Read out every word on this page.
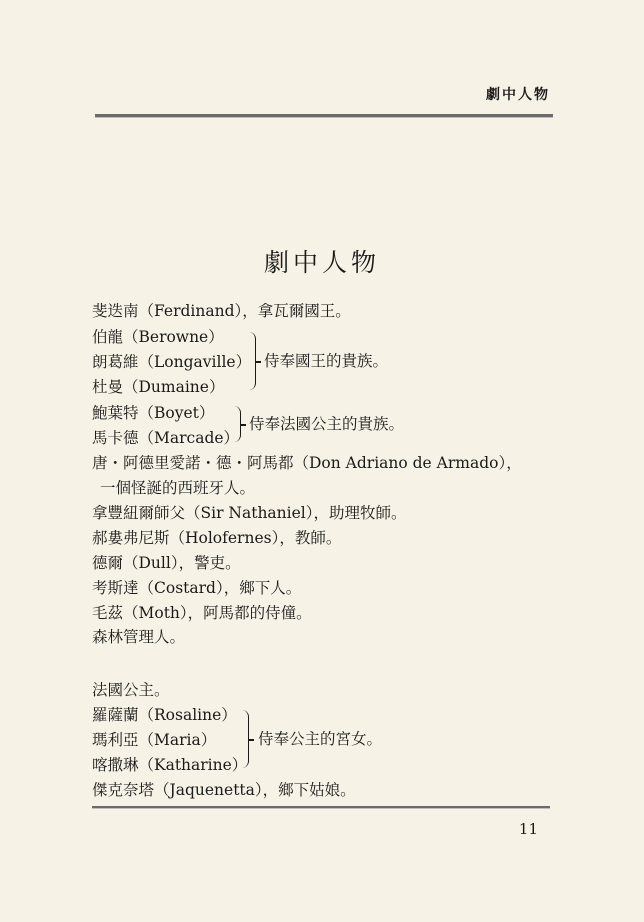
劇中人物
劇中人物
斐迭南（Ferdinand），拿瓦爾國王。
伯龍（Berowne）
朗葛維（Longaville）
杜曼（Dumaine）
侍奉國王的貴族。
鮑葉特（Boyet）
馬卡德（Marcade）
侍奉法國公主的貴族。
唐・阿德里愛諾・德・阿馬都（Don Adriano de Armado），
一個怪誕的西班牙人。
拿豐紐爾師父（Sir Nathaniel），助理牧師。
郝婁弗尼斯（Holofernes），教師。
德爾（Dull），警吏。
考斯達（Costard），鄉下人。
毛茲（Moth），阿馬都的侍僮。
森林管理人。
法國公主。
羅薩蘭（Rosaline）
瑪利亞（Maria）
喀撒琳（Katharine）
侍奉公主的宮女。
傑克奈塔（Jaquenetta），鄉下姑娘。
11
